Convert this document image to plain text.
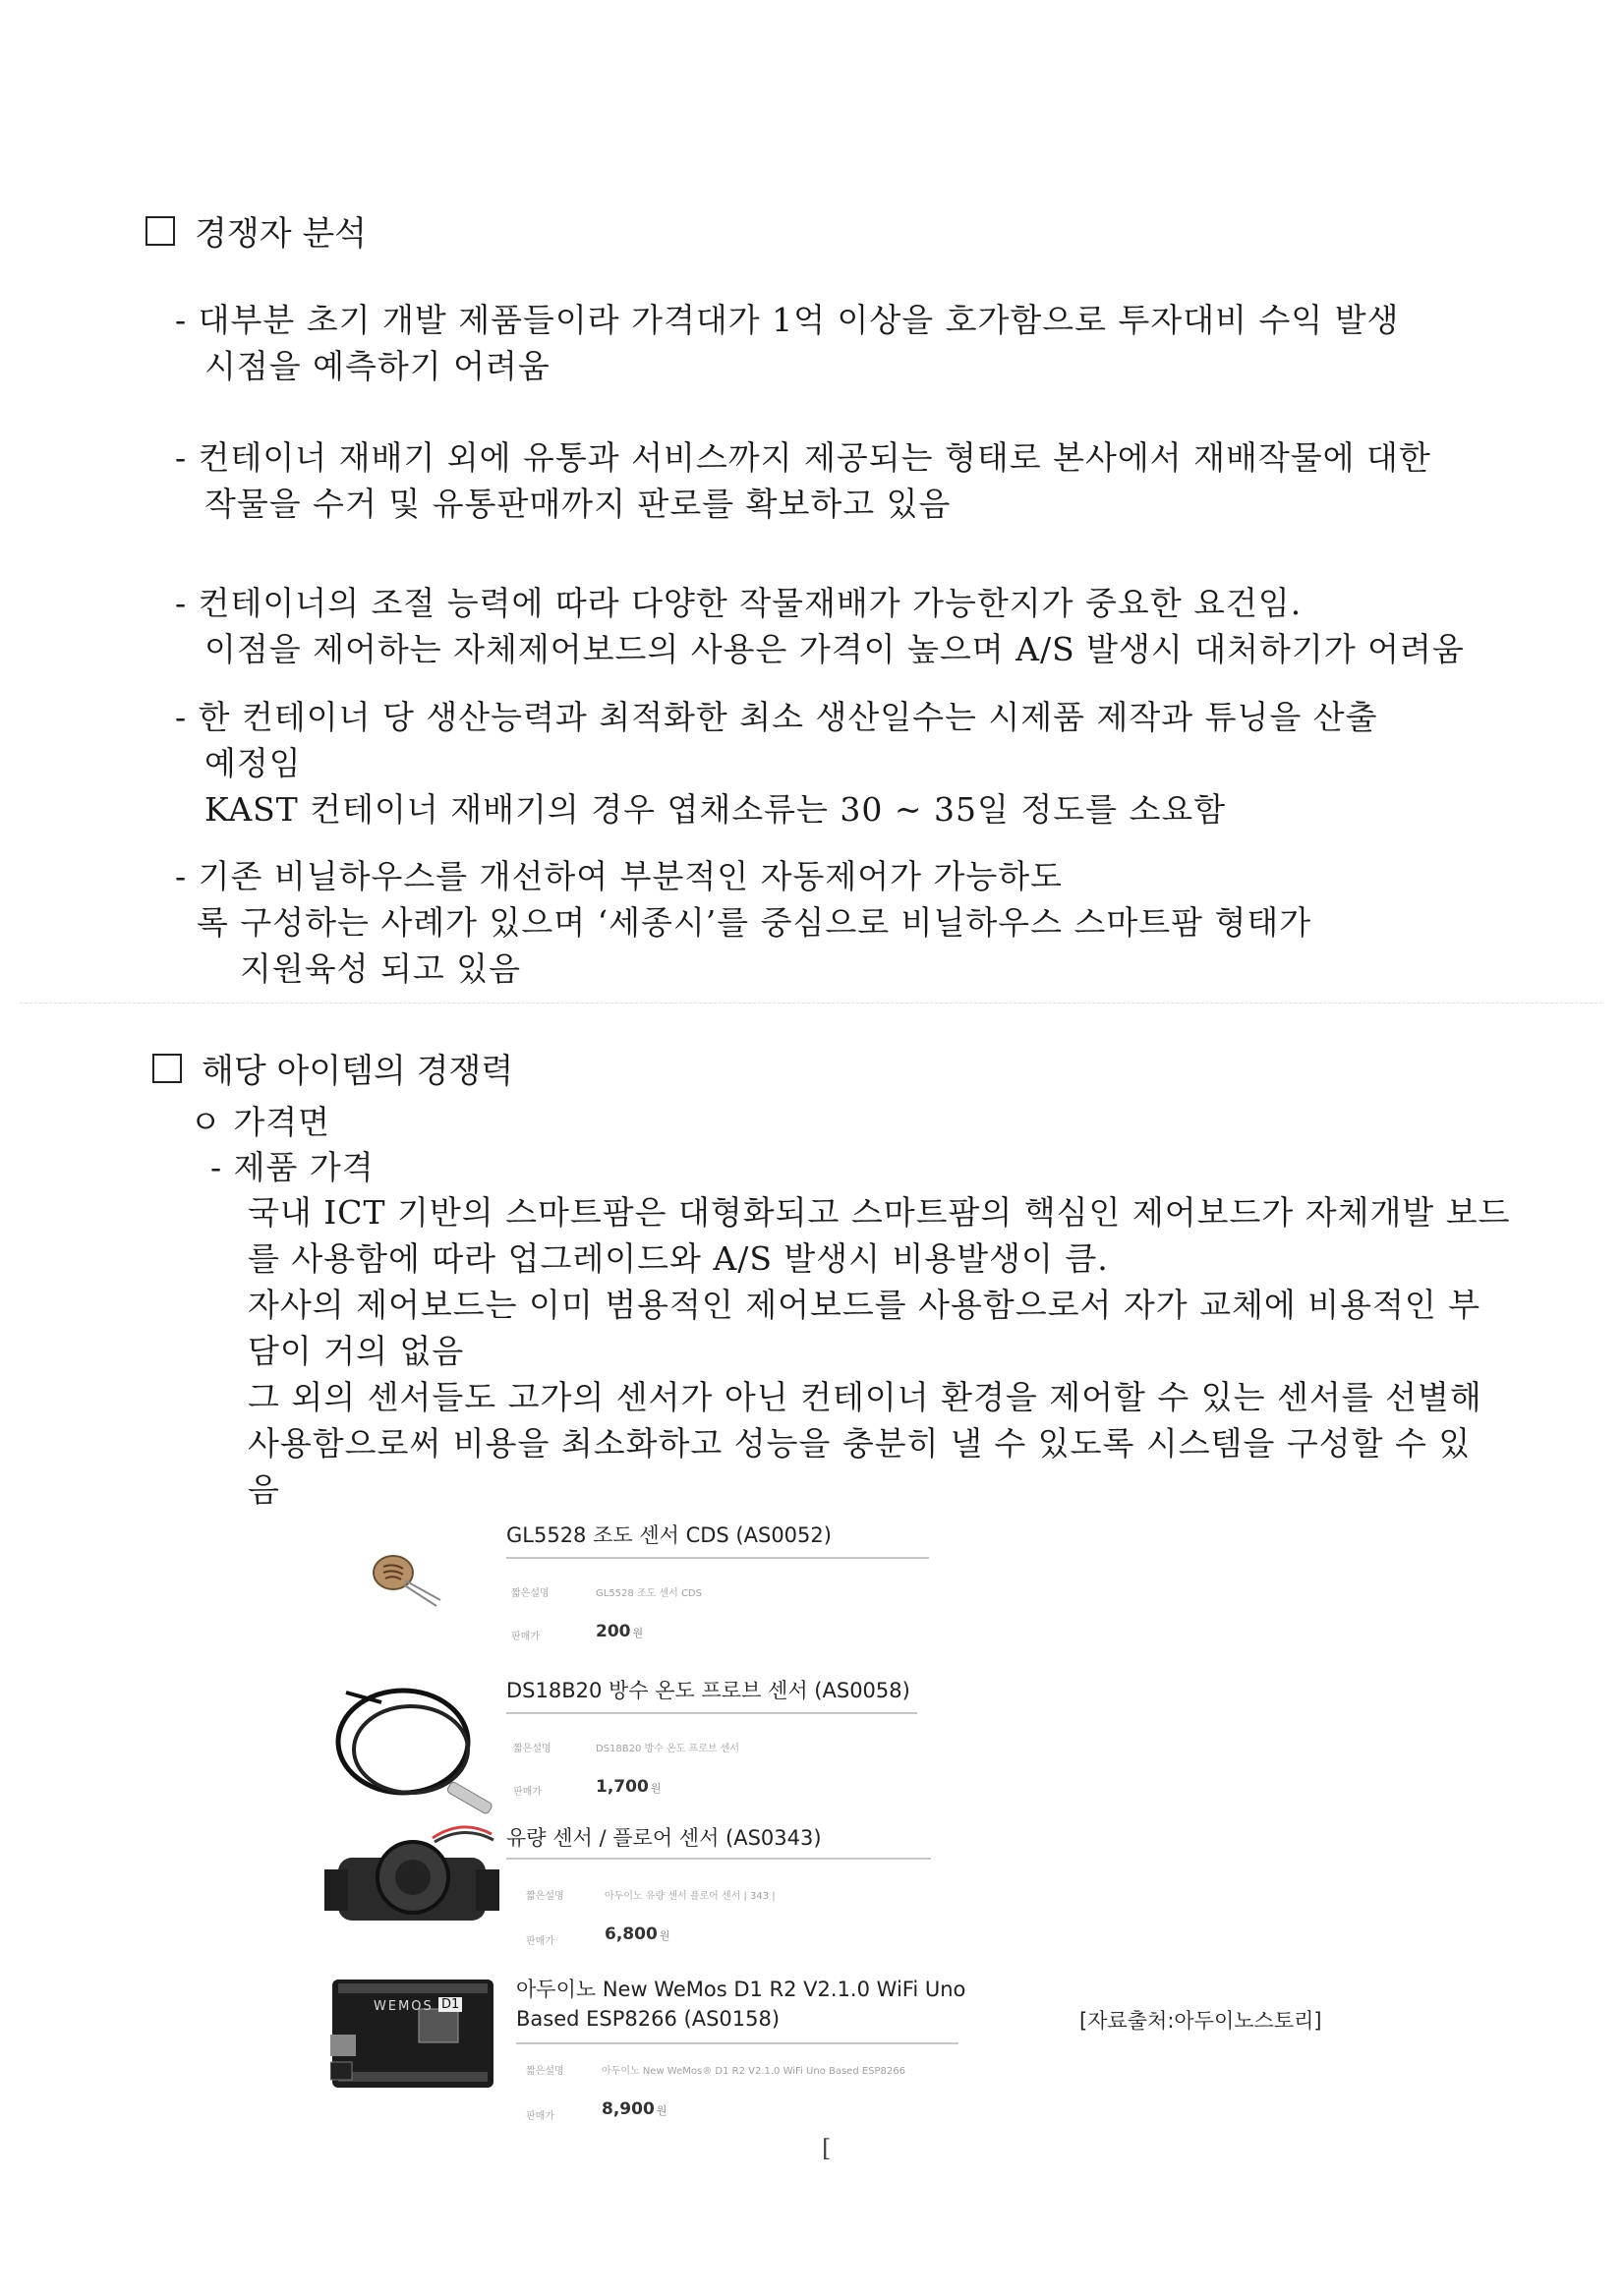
경쟁자 분석
- 대부분 초기 개발 제품들이라 가격대가 1억 이상을 호가함으로 투자대비 수익 발생
시점을 예측하기 어려움
- 컨테이너 재배기 외에 유통과 서비스까지 제공되는 형태로 본사에서 재배작물에 대한
작물을 수거 및 유통판매까지 판로를 확보하고 있음
- 컨테이너의 조절 능력에 따라 다양한 작물재배가 가능한지가 중요한 요건임.
이점을 제어하는 자체제어보드의 사용은 가격이 높으며 A/S 발생시 대처하기가 어려움
- 한 컨테이너 당 생산능력과 최적화한 최소 생산일수는 시제품 제작과 튜닝을 산출
예정임
KAST 컨테이너 재배기의 경우 엽채소류는 30 ~ 35일 정도를 소요함
- 기존 비닐하우스를 개선하여 부분적인 자동제어가 가능하도
록 구성하는 사례가 있으며 ‘세종시’를 중심으로 비닐하우스 스마트팜 형태가
지원육성 되고 있음
해당 아이템의 경쟁력
ㅇ 가격면
- 제품 가격
국내 ICT 기반의 스마트팜은 대형화되고 스마트팜의 핵심인 제어보드가 자체개발 보드
를 사용함에 따라 업그레이드와 A/S 발생시 비용발생이 큼.
자사의 제어보드는 이미 범용적인 제어보드를 사용함으로서 자가 교체에 비용적인 부
담이 거의 없음
그 외의 센서들도 고가의 센서가 아닌 컨테이너 환경을 제어할 수 있는 센서를 선별해
사용함으로써 비용을 최소화하고 성능을 충분히 낼 수 있도록 시스템을 구성할 수 있
음
GL5528 조도 센서 CDS (AS0052)
짧은설명	GL5528 조도 센서 CDS
판매가	200 원
DS18B20 방수 온도 프로브 센서 (AS0058)
짧은설명	DS18B20 방수 온도 프로브 센서
판매가	1,700 원
유량 센서 / 플로어 센서 (AS0343)
짧은설명	아두이노 유량 센서 플로어 센서 | 343 |
판매가	6,800 원
WEMOS D1
아두이노 New WeMos D1 R2 V2.1.0 WiFi Uno
Based ESP8266 (AS0158)
짧은설명	아두이노 New WeMos® D1 R2 V2.1.0 WiFi Uno Based ESP8266
판매가	8,900 원
[자료출처:아두이노스토리]
[
